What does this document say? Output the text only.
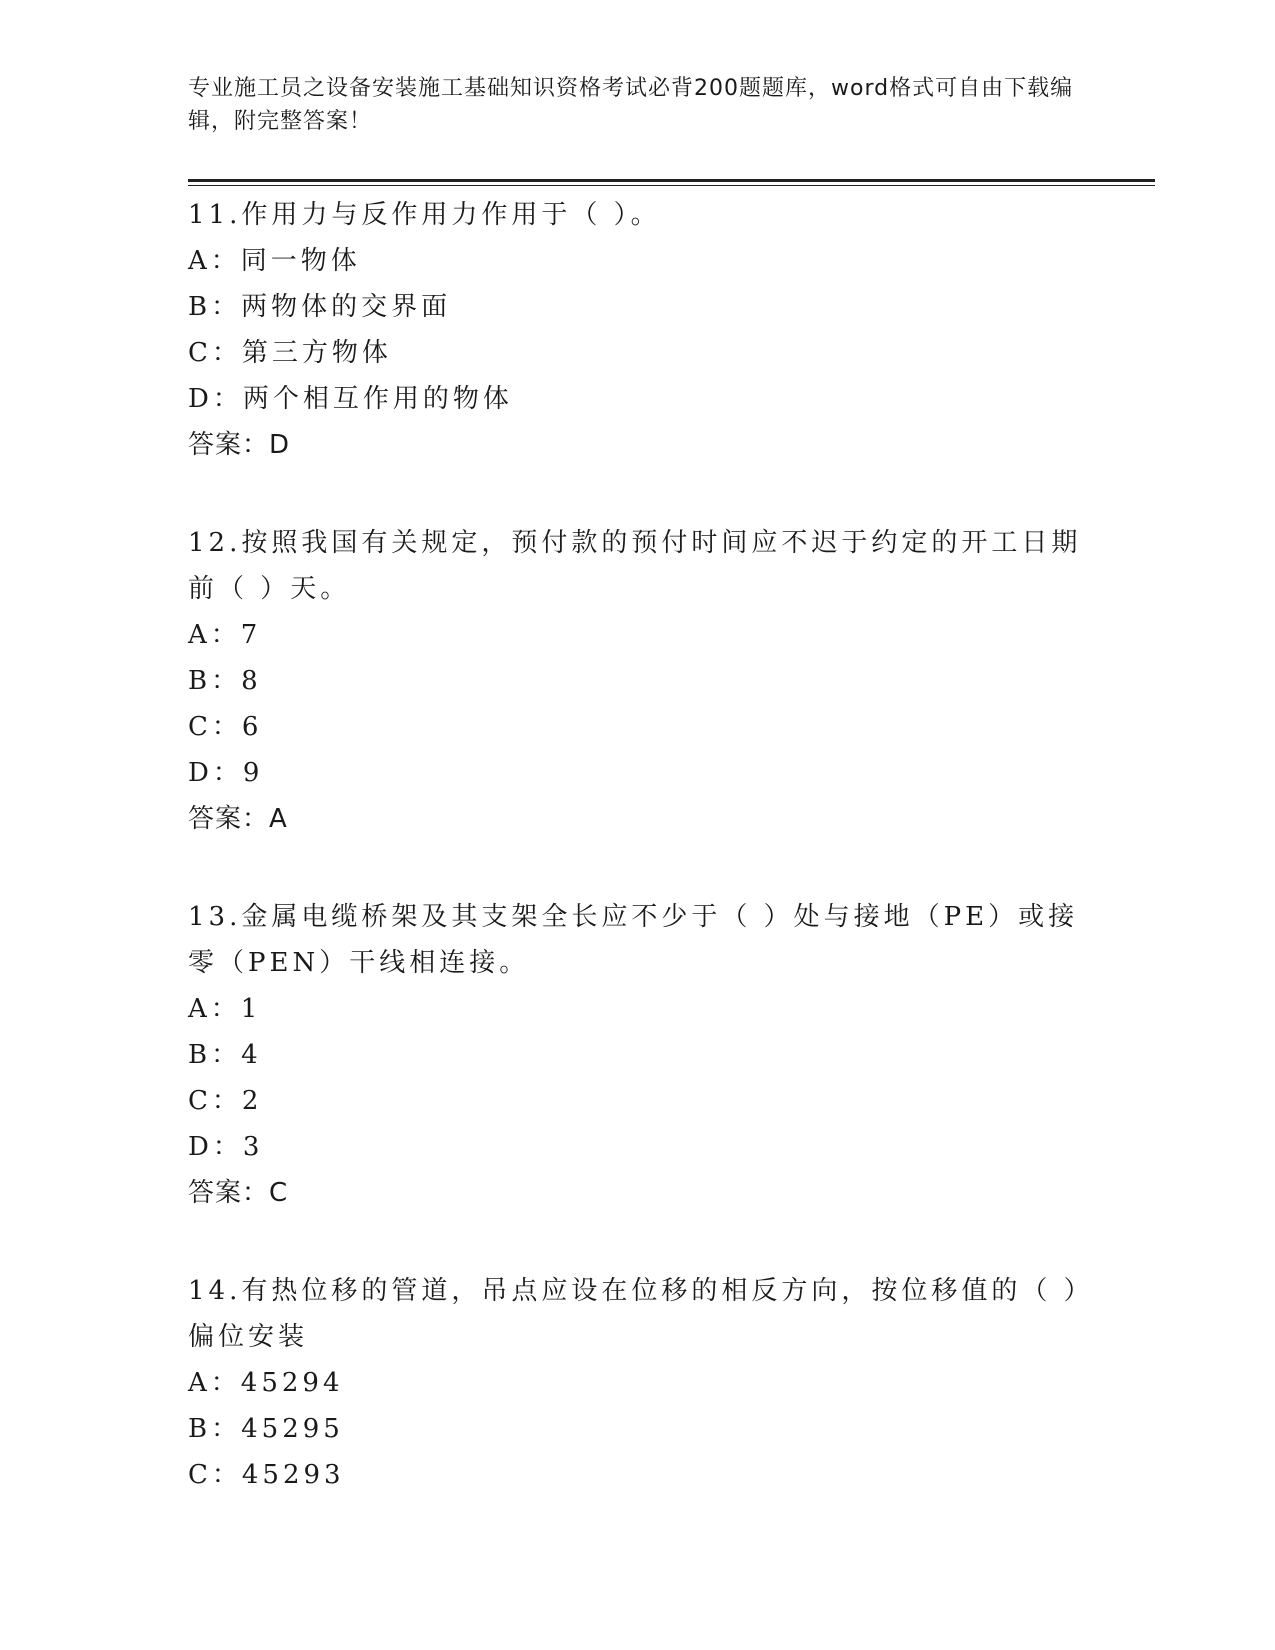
专业施工员之设备安装施工基础知识资格考试必背200题题库，word格式可自由下载编辑，附完整答案！
11.作用力与反作用力作用于（ ）。
A：同一物体
B：两物体的交界面
C：第三方物体
D：两个相互作用的物体
答案：D
12.按照我国有关规定，预付款的预付时间应不迟于约定的开工日期前（ ）天。
A：7
B：8
C：6
D：9
答案：A
13.金属电缆桥架及其支架全长应不少于（ ）处与接地（PE）或接零（PEN）干线相连接。
A：1
B：4
C：2
D：3
答案：C
14.有热位移的管道，吊点应设在位移的相反方向，按位移值的（ ）偏位安装
A：45294
B：45295
C：45293
